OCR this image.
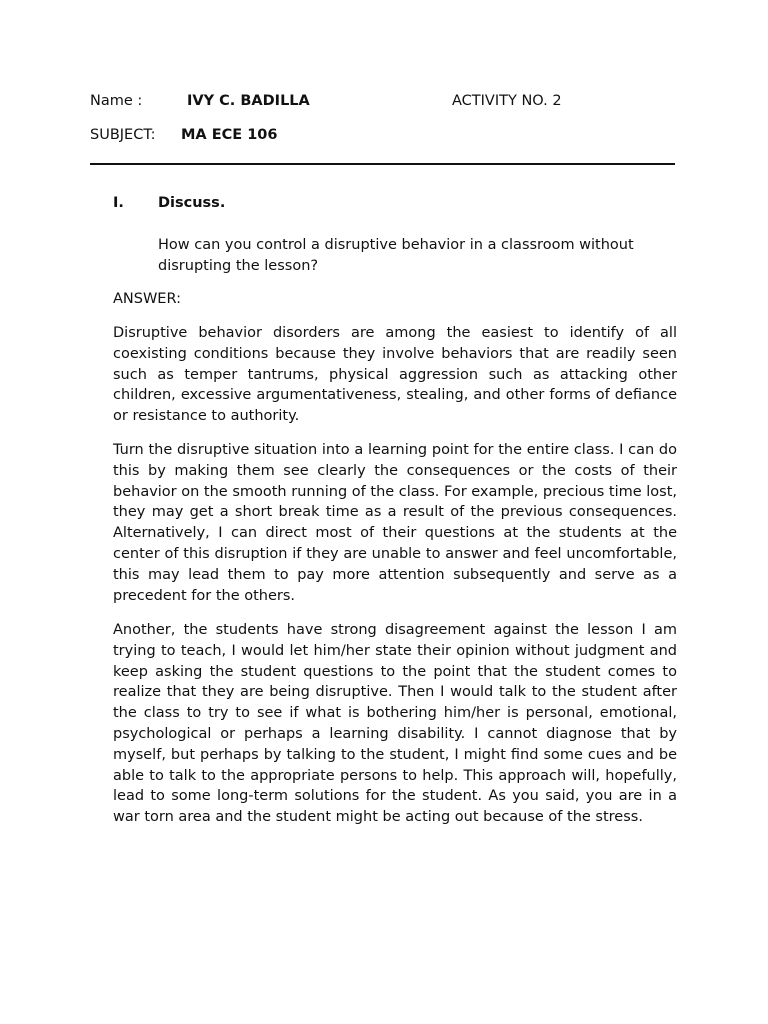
Name :	IVY C. BADILLA	ACTIVITY NO. 2
SUBJECT: MA ECE 106
I. Discuss.
How can you control a disruptive behavior in a classroom without disrupting the lesson?
ANSWER:

Disruptive behavior disorders are among the easiest to identify of all coexisting conditions because they involve behaviors that are readily seen such as temper tantrums, physical aggression such as attacking other children, excessive argumentativeness, stealing, and other forms of defiance or resistance to authority.

Turn the disruptive situation into a learning point for the entire class. I can do this by making them see clearly the consequences or the costs of their behavior on the smooth running of the class. For example, precious time lost, they may get a short break time as a result of the previous consequences. Alternatively, I can direct most of their questions at the students at the center of this disruption if they are unable to answer and feel uncomfortable, this may lead them to pay more attention subsequently and serve as a precedent for the others.

Another, the students have strong disagreement against the lesson I am trying to teach, I would let him/her state their opinion without judgment and keep asking the student questions to the point that the student comes to realize that they are being disruptive. Then I would talk to the student after the class to try to see if what is bothering him/her is personal, emotional, psychological or perhaps a learning disability. I cannot diagnose that by myself, but perhaps by talking to the student, I might find some cues and be able to talk to the appropriate persons to help. This approach will, hopefully, lead to some long-term solutions for the student. As you said, you are in a war torn area and the student might be acting out because of the stress.
